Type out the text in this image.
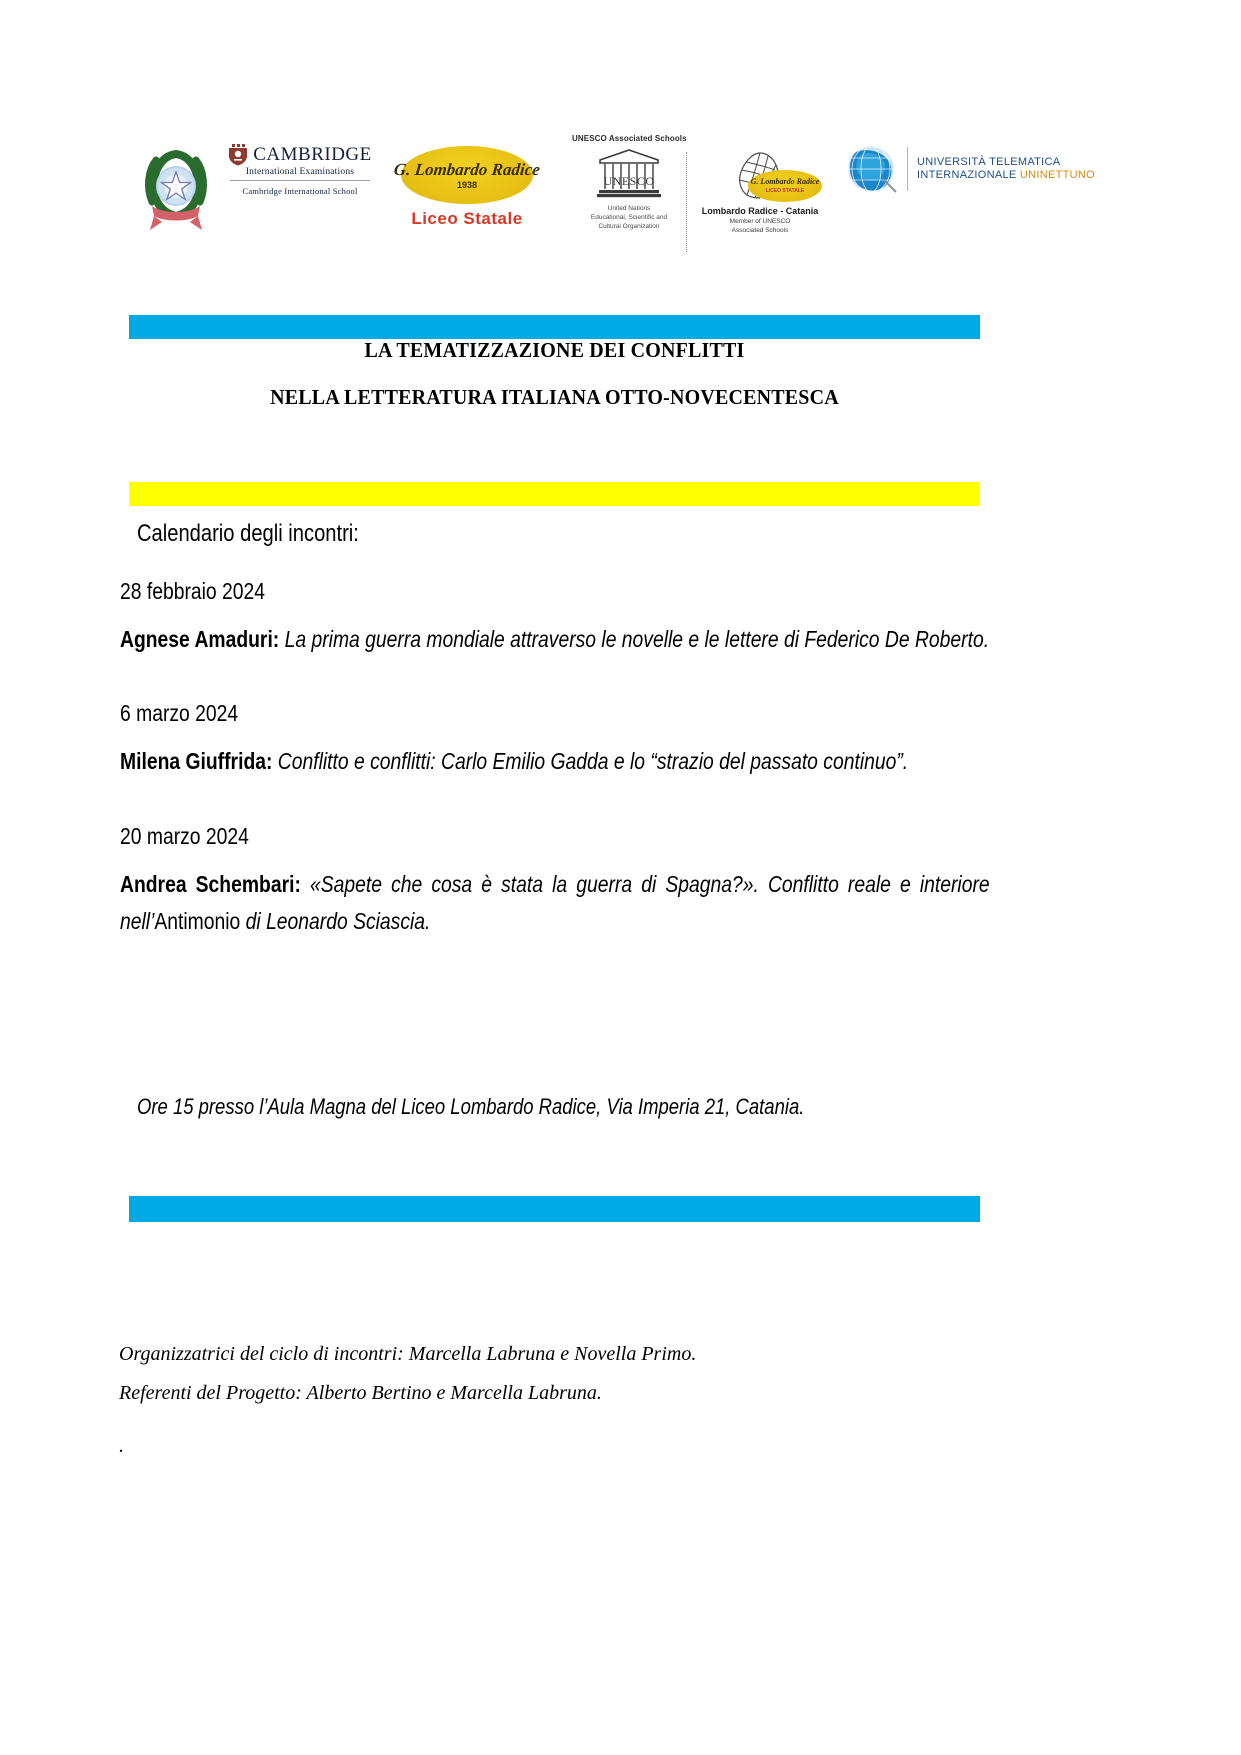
CAMBRIDGE
International Examinations
Cambridge International School
G. Lombardo Radice
1938
Liceo Statale
UNESCO Associated Schools
UNESCO
United Nations
Educational, Scientific and
Cultural Organization
G. Lombardo Radice
LICEO STATALE
Lombardo Radice - Catania
Member of UNESCO
Associated Schools
UNIVERSITÀ TELEMATICA
INTERNAZIONALE UNINETTUNO
LA TEMATIZZAZIONE DEI CONFLITTI
NELLA LETTERATURA ITALIANA OTTO-NOVECENTESCA
Calendario degli incontri:
28 febbraio 2024
Agnese Amaduri: La prima guerra mondiale attraverso le novelle e le lettere di Federico De Roberto.
6 marzo 2024
Milena Giuffrida: Conflitto e conflitti: Carlo Emilio Gadda e lo “strazio del passato continuo”.
20 marzo 2024
Andrea Schembari: «Sapete che cosa è stata la guerra di Spagna?». Conflitto reale e interiore nell’Antimonio di Leonardo Sciascia.
Ore 15 presso l’Aula Magna del Liceo Lombardo Radice, Via Imperia 21, Catania.
Organizzatrici del ciclo di incontri: Marcella Labruna e Novella Primo.
Referenti del Progetto: Alberto Bertino e Marcella Labruna.
.
